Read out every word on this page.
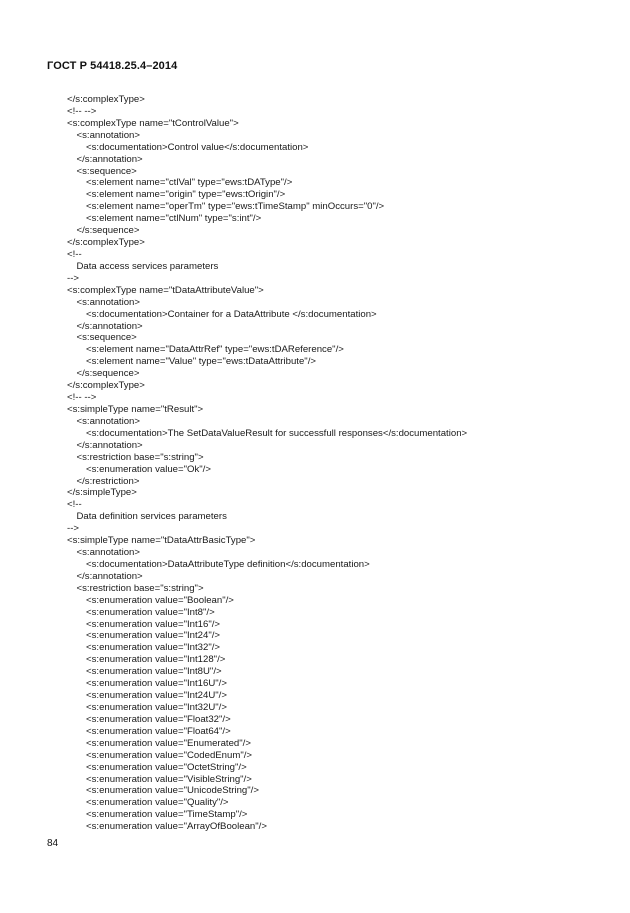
ГОСТ Р 54418.25.4–2014
</s:complexType>
<!-- -->
<s:complexType name="tControlValue">
<s:annotation>
<s:documentation>Control value</s:documentation>
</s:annotation>
<s:sequence>
<s:element name="ctlVal" type="ews:tDAType"/>
<s:element name="origin" type="ews:tOrigin"/>
<s:element name="operTm" type="ews:tTimeStamp" minOccurs="0"/>
<s:element name="ctlNum" type="s:int"/>
</s:sequence>
</s:complexType>
<!--
Data access services parameters
-->
<s:complexType name="tDataAttributeValue">
<s:annotation>
<s:documentation>Container for a DataAttribute </s:documentation>
</s:annotation>
<s:sequence>
<s:element name="DataAttrRef" type="ews:tDAReference"/>
<s:element name="Value" type="ews:tDataAttribute"/>
</s:sequence>
</s:complexType>
<!-- -->
<s:simpleType name="tResult">
<s:annotation>
<s:documentation>The SetDataValueResult for successfull responses</s:documentation>
</s:annotation>
<s:restriction base="s:string">
<s:enumeration value="Ok"/>
</s:restriction>
</s:simpleType>
<!--
Data definition services parameters
-->
<s:simpleType name="tDataAttrBasicType">
<s:annotation>
<s:documentation>DataAttributeType definition</s:documentation>
</s:annotation>
<s:restriction base="s:string">
<s:enumeration value="Boolean"/>
<s:enumeration value="Int8"/>
<s:enumeration value="Int16"/>
<s:enumeration value="Int24"/>
<s:enumeration value="Int32"/>
<s:enumeration value="Int128"/>
<s:enumeration value="Int8U"/>
<s:enumeration value="Int16U"/>
<s:enumeration value="Int24U"/>
<s:enumeration value="Int32U"/>
<s:enumeration value="Float32"/>
<s:enumeration value="Float64"/>
<s:enumeration value="Enumerated"/>
<s:enumeration value="CodedEnum"/>
<s:enumeration value="OctetString"/>
<s:enumeration value="VisibleString"/>
<s:enumeration value="UnicodeString"/>
<s:enumeration value="Quality"/>
<s:enumeration value="TimeStamp"/>
<s:enumeration value="ArrayOfBoolean"/>
84
